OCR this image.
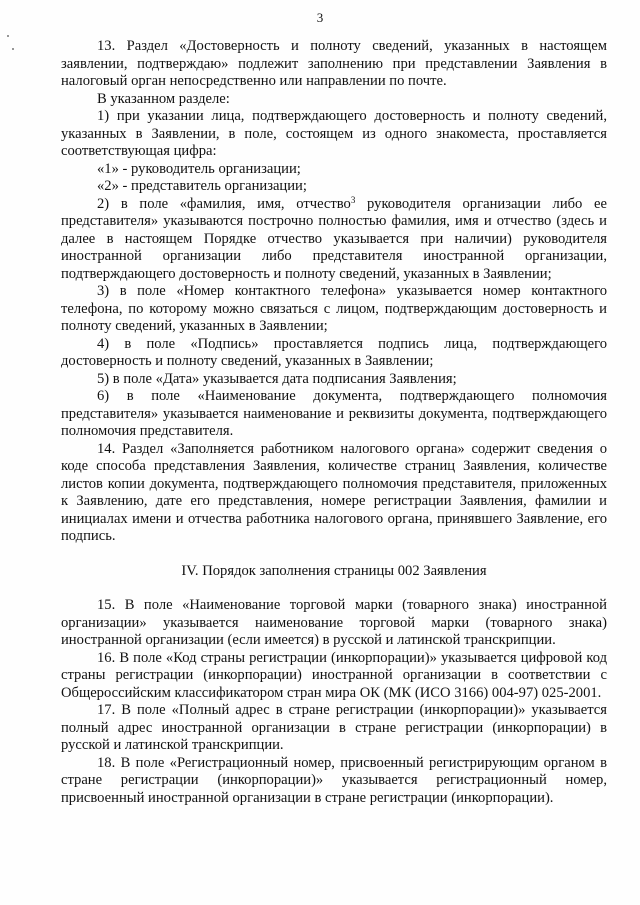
3

13. Раздел «Достоверность и полноту сведений, указанных в настоящем заявлении, подтверждаю» подлежит заполнению при представлении Заявления в налоговый орган непосредственно или направлении по почте.

В указанном разделе:

1) при указании лица, подтверждающего достоверность и полноту сведений, указанных в Заявлении, в поле, состоящем из одного знакоместа, проставляется соответствующая цифра:

«1» - руководитель организации;

«2» - представитель организации;

2) в поле «фамилия, имя, отчество$^3$ руководителя организации либо ее представителя» указываются построчно полностью фамилия, имя и отчество (здесь и далее в настоящем Порядке отчество указывается при наличии) руководителя иностранной организации либо представителя иностранной организации, подтверждающего достоверность и полноту сведений, указанных в Заявлении;

3) в поле «Номер контактного телефона» указывается номер контактного телефона, по которому можно связаться с лицом, подтверждающим достоверность и полноту сведений, указанных в Заявлении;

4) в поле «Подпись» проставляется подпись лица, подтверждающего достоверность и полноту сведений, указанных в Заявлении;

5) в поле «Дата» указывается дата подписания Заявления;

6) в поле «Наименование документа, подтверждающего полномочия представителя» указывается наименование и реквизиты документа, подтверждающего полномочия представителя.

14. Раздел «Заполняется работником налогового органа» содержит сведения о коде способа представления Заявления, количестве страниц Заявления, количестве листов копии документа, подтверждающего полномочия представителя, приложенных к Заявлению, дате его представления, номере регистрации Заявления, фамилии и инициалах имени и отчества работника налогового органа, принявшего Заявление, его подпись.

IV. Порядок заполнения страницы 002 Заявления

15. В поле «Наименование торговой марки (товарного знака) иностранной организации» указывается наименование торговой марки (товарного знака) иностранной организации (если имеется) в русской и латинской транскрипции.

16. В поле «Код страны регистрации (инкорпорации)» указывается цифровой код страны регистрации (инкорпорации) иностранной организации в соответствии с Общероссийским классификатором стран мира ОК (МК (ИСО 3166) 004-97) 025-2001.

17. В поле «Полный адрес в стране регистрации (инкорпорации)» указывается полный адрес иностранной организации в стране регистрации (инкорпорации) в русской и латинской транскрипции.

18. В поле «Регистрационный номер, присвоенный регистрирующим органом в стране регистрации (инкорпорации)» указывается регистрационный номер, присвоенный иностранной организации в стране регистрации (инкорпорации).
